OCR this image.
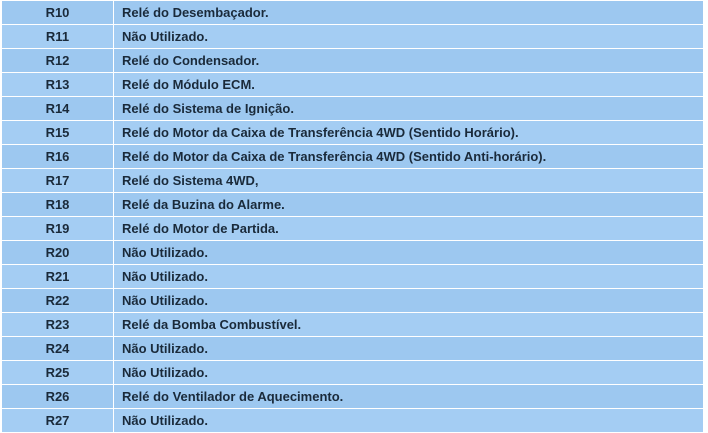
R10	Relé do Desembaçador.
R11	Não Utilizado.
R12	Relé do Condensador.
R13	Relé do Módulo ECM.
R14	Relé do Sistema de Ignição.
R15	Relé do Motor da Caixa de Transferência 4WD (Sentido Horário).
R16	Relé do Motor da Caixa de Transferência 4WD (Sentido Anti-horário).
R17	Relé do Sistema 4WD,
R18	Relé da Buzina do Alarme.
R19	Relé do Motor de Partida.
R20	Não Utilizado.
R21	Não Utilizado.
R22	Não Utilizado.
R23	Relé da Bomba Combustível.
R24	Não Utilizado.
R25	Não Utilizado.
R26	Relé do Ventilador de Aquecimento.
R27	Não Utilizado.
